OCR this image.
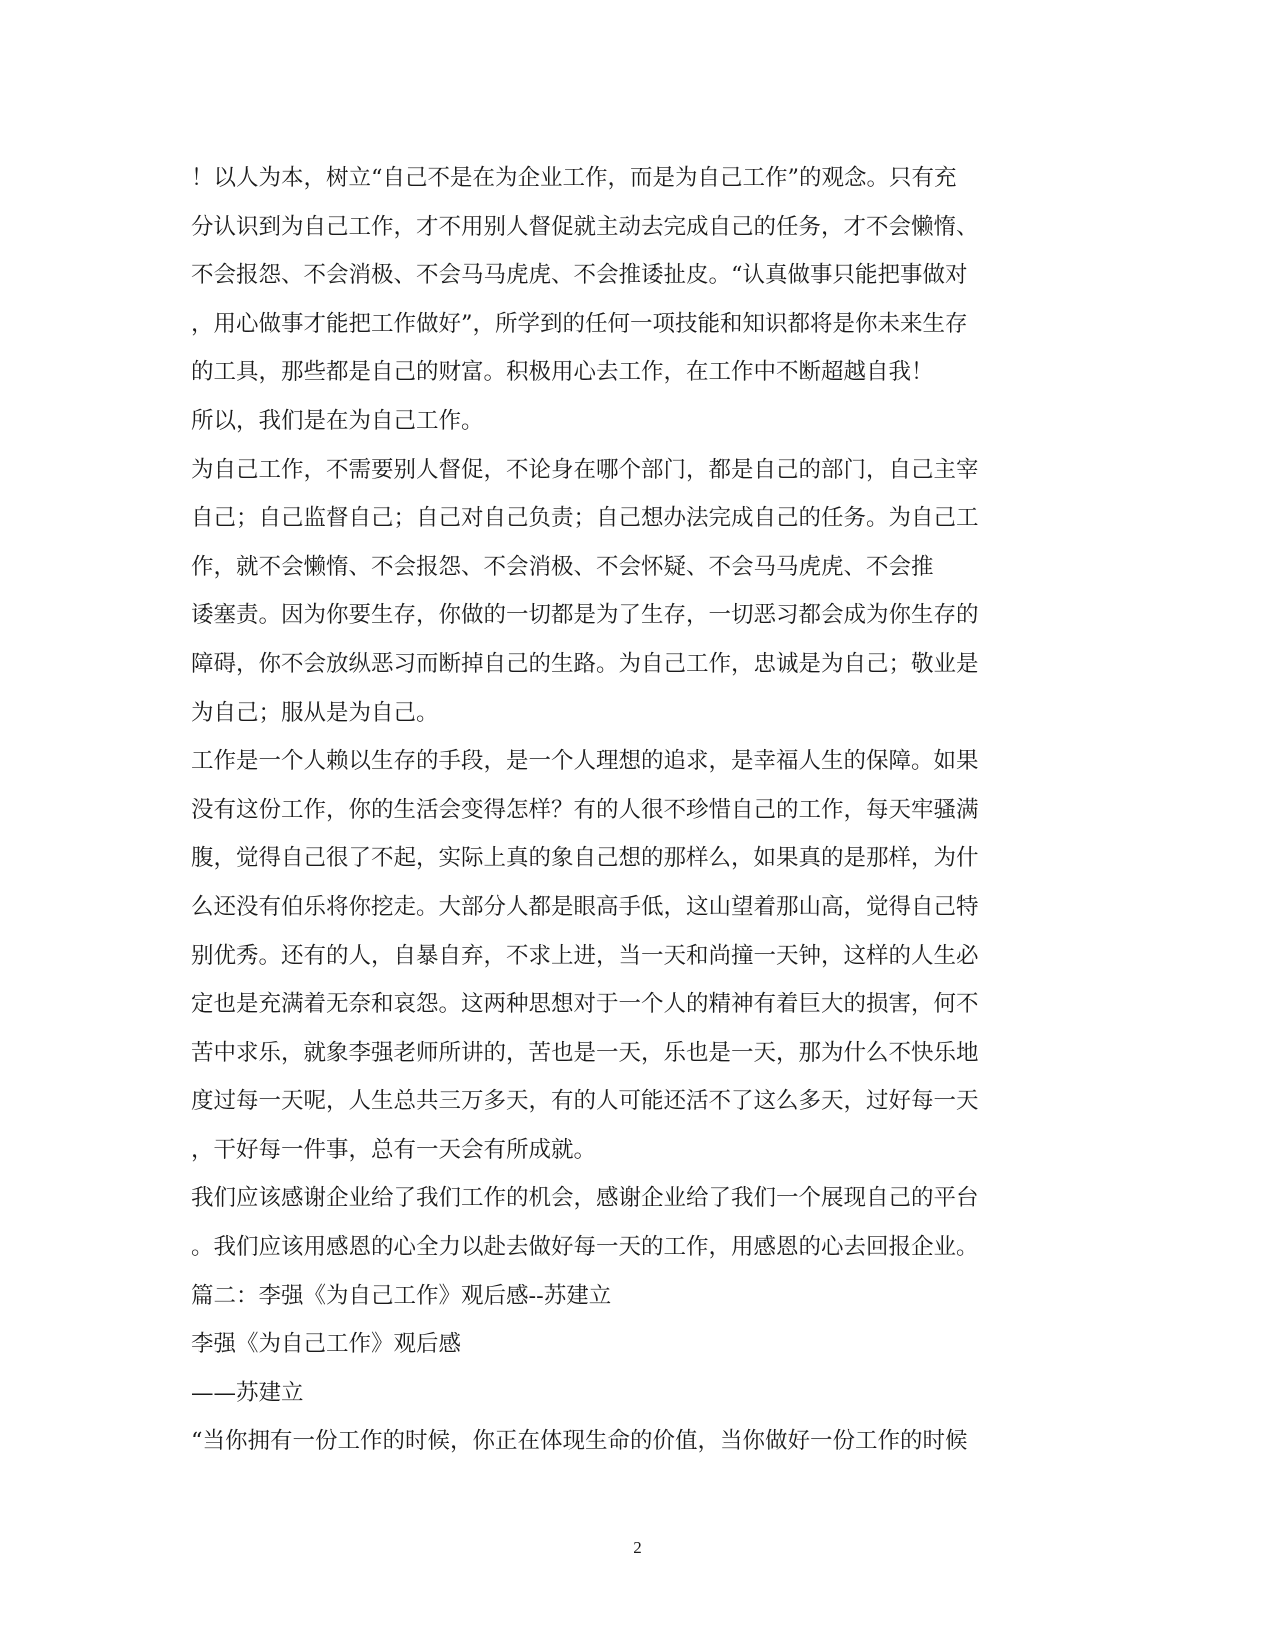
！以人为本，树立“自己不是在为企业工作，而是为自己工作”的观念。只有充
分认识到为自己工作，才不用别人督促就主动去完成自己的任务，才不会懒惰、
不会报怨、不会消极、不会马马虎虎、不会推诿扯皮。“认真做事只能把事做对
，用心做事才能把工作做好”，所学到的任何一项技能和知识都将是你未来生存
的工具，那些都是自己的财富。积极用心去工作，在工作中不断超越自我！
所以，我们是在为自己工作。
为自己工作，不需要别人督促，不论身在哪个部门，都是自己的部门，自己主宰
自己；自己监督自己；自己对自己负责；自己想办法完成自己的任务。为自己工
作，就不会懒惰、不会报怨、不会消极、不会怀疑、不会马马虎虎、不会推
诿塞责。因为你要生存，你做的一切都是为了生存，一切恶习都会成为你生存的
障碍，你不会放纵恶习而断掉自己的生路。为自己工作，忠诚是为自己；敬业是
为自己；服从是为自己。
工作是一个人赖以生存的手段，是一个人理想的追求，是幸福人生的保障。如果
没有这份工作，你的生活会变得怎样？有的人很不珍惜自己的工作，每天牢骚满
腹，觉得自己很了不起，实际上真的象自己想的那样么，如果真的是那样，为什
么还没有伯乐将你挖走。大部分人都是眼高手低，这山望着那山高，觉得自己特
别优秀。还有的人，自暴自弃，不求上进，当一天和尚撞一天钟，这样的人生必
定也是充满着无奈和哀怨。这两种思想对于一个人的精神有着巨大的损害，何不
苦中求乐，就象李强老师所讲的，苦也是一天，乐也是一天，那为什么不快乐地
度过每一天呢，人生总共三万多天，有的人可能还活不了这么多天，过好每一天
，干好每一件事，总有一天会有所成就。
我们应该感谢企业给了我们工作的机会，感谢企业给了我们一个展现自己的平台
。我们应该用感恩的心全力以赴去做好每一天的工作，用感恩的心去回报企业。
篇二：李强《为自己工作》观后感--苏建立
李强《为自己工作》观后感
——苏建立
“当你拥有一份工作的时候，你正在体现生命的价值，当你做好一份工作的时候
2
